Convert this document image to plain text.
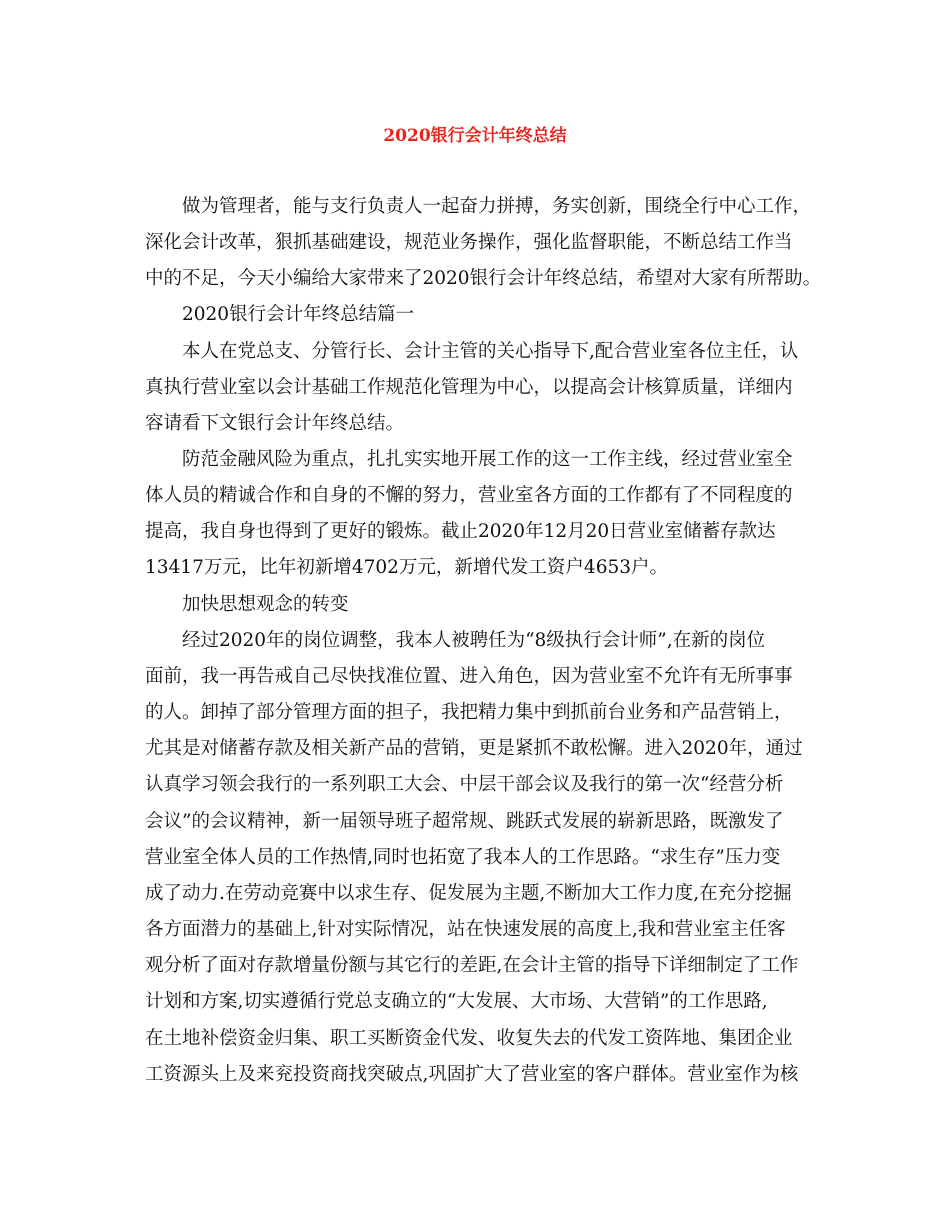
2020银行会计年终总结
做为管理者，能与支行负责人一起奋力拼搏，务实创新，围绕全行中心工作，
深化会计改革，狠抓基础建设，规范业务操作，强化监督职能，不断总结工作当
中的不足，今天小编给大家带来了2020银行会计年终总结，希望对大家有所帮助。
2020银行会计年终总结篇一
本人在党总支、分管行长、会计主管的关心指导下,配合营业室各位主任，认
真执行营业室以会计基础工作规范化管理为中心，以提高会计核算质量，详细内
容请看下文银行会计年终总结。
防范金融风险为重点，扎扎实实地开展工作的这一工作主线，经过营业室全
体人员的精诚合作和自身的不懈的努力，营业室各方面的工作都有了不同程度的
提高，我自身也得到了更好的锻炼。截止2020年12月20日营业室储蓄存款达
13417万元，比年初新增4702万元，新增代发工资户4653户。
加快思想观念的转变
经过2020年的岗位调整，我本人被聘任为“8级执行会计师”,在新的岗位
面前，我一再告戒自己尽快找准位置、进入角色，因为营业室不允许有无所事事
的人。卸掉了部分管理方面的担子，我把精力集中到抓前台业务和产品营销上，
尤其是对储蓄存款及相关新产品的营销，更是紧抓不敢松懈。进入2020年，通过
认真学习领会我行的一系列职工大会、中层干部会议及我行的第一次“经营分析
会议”的会议精神，新一届领导班子超常规、跳跃式发展的崭新思路，既激发了
营业室全体人员的工作热情,同时也拓宽了我本人的工作思路。“求生存”压力变
成了动力.在劳动竞赛中以求生存、促发展为主题,不断加大工作力度,在充分挖掘
各方面潜力的基础上,针对实际情况，站在快速发展的高度上,我和营业室主任客
观分析了面对存款增量份额与其它行的差距,在会计主管的指导下详细制定了工作
计划和方案,切实遵循行党总支确立的“大发展、大市场、大营销”的工作思路,
在土地补偿资金归集、职工买断资金代发、收复失去的代发工资阵地、集团企业
工资源头上及来兖投资商找突破点,巩固扩大了营业室的客户群体。营业室作为核
